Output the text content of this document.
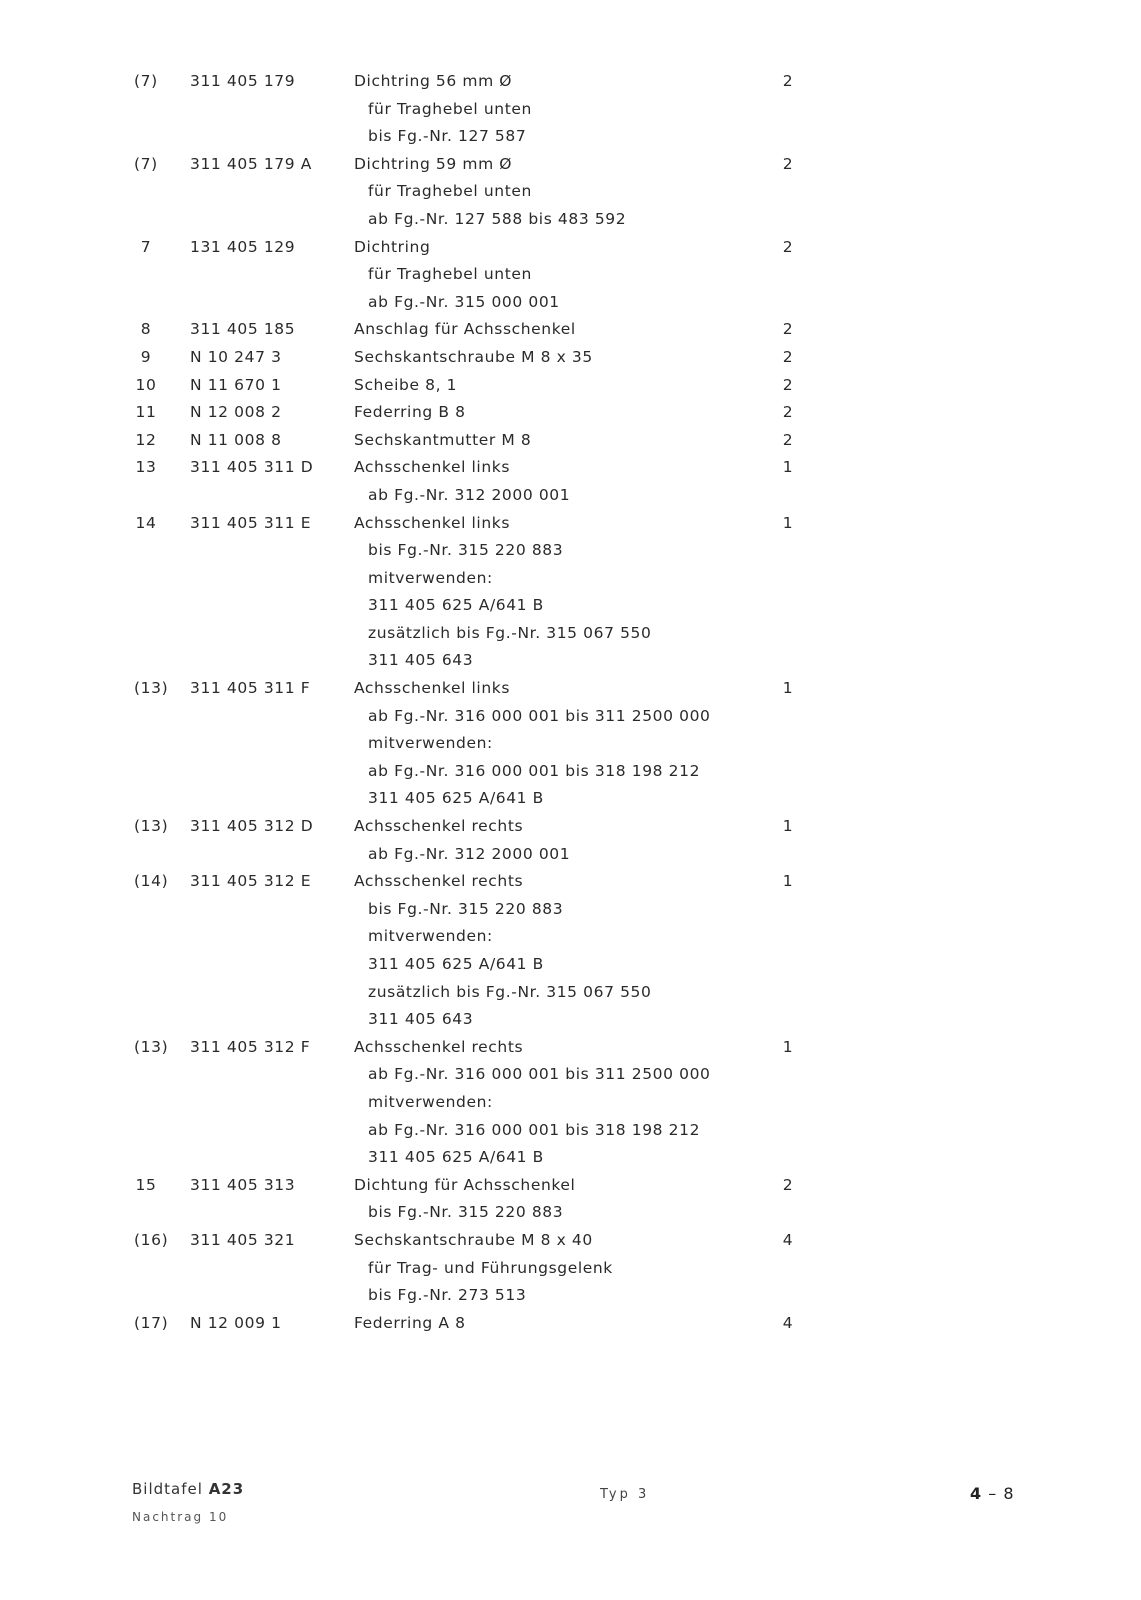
(7)	311 405 179	Dichtring 56 mm Ø	2
für Traghebel unten
bis Fg.-Nr. 127 587
(7)	311 405 179 A	Dichtring 59 mm Ø	2
für Traghebel unten
ab Fg.-Nr. 127 588 bis 483 592
7	131 405 129	Dichtring	2
für Traghebel unten
ab Fg.-Nr. 315 000 001
8	311 405 185	Anschlag für Achsschenkel	2
9	N 10 247 3	Sechskantschraube M 8 x 35	2
10	N 11 670 1	Scheibe 8, 1	2
11	N 12 008 2	Federring B 8	2
12	N 11 008 8	Sechskantmutter M 8	2
13	311 405 311 D	Achsschenkel links	1
ab Fg.-Nr. 312 2000 001
14	311 405 311 E	Achsschenkel links	1
bis Fg.-Nr. 315 220 883
mitverwenden:
311 405 625 A/641 B
zusätzlich bis Fg.-Nr. 315 067 550
311 405 643
(13)	311 405 311 F	Achsschenkel links	1
ab Fg.-Nr. 316 000 001 bis 311 2500 000
mitverwenden:
ab Fg.-Nr. 316 000 001 bis 318 198 212
311 405 625 A/641 B
(13)	311 405 312 D	Achsschenkel rechts	1
ab Fg.-Nr. 312 2000 001
(14)	311 405 312 E	Achsschenkel rechts	1
bis Fg.-Nr. 315 220 883
mitverwenden:
311 405 625 A/641 B
zusätzlich bis Fg.-Nr. 315 067 550
311 405 643
(13)	311 405 312 F	Achsschenkel rechts	1
ab Fg.-Nr. 316 000 001 bis 311 2500 000
mitverwenden:
ab Fg.-Nr. 316 000 001 bis 318 198 212
311 405 625 A/641 B
15	311 405 313	Dichtung für Achsschenkel	2
bis Fg.-Nr. 315 220 883
(16)	311 405 321	Sechskantschraube M 8 x 40	4
für Trag- und Führungsgelenk
bis Fg.-Nr. 273 513
(17)	N 12 009 1	Federring A 8	4
Bildtafel A23
Nachtrag 10
Typ 3	4 – 8
